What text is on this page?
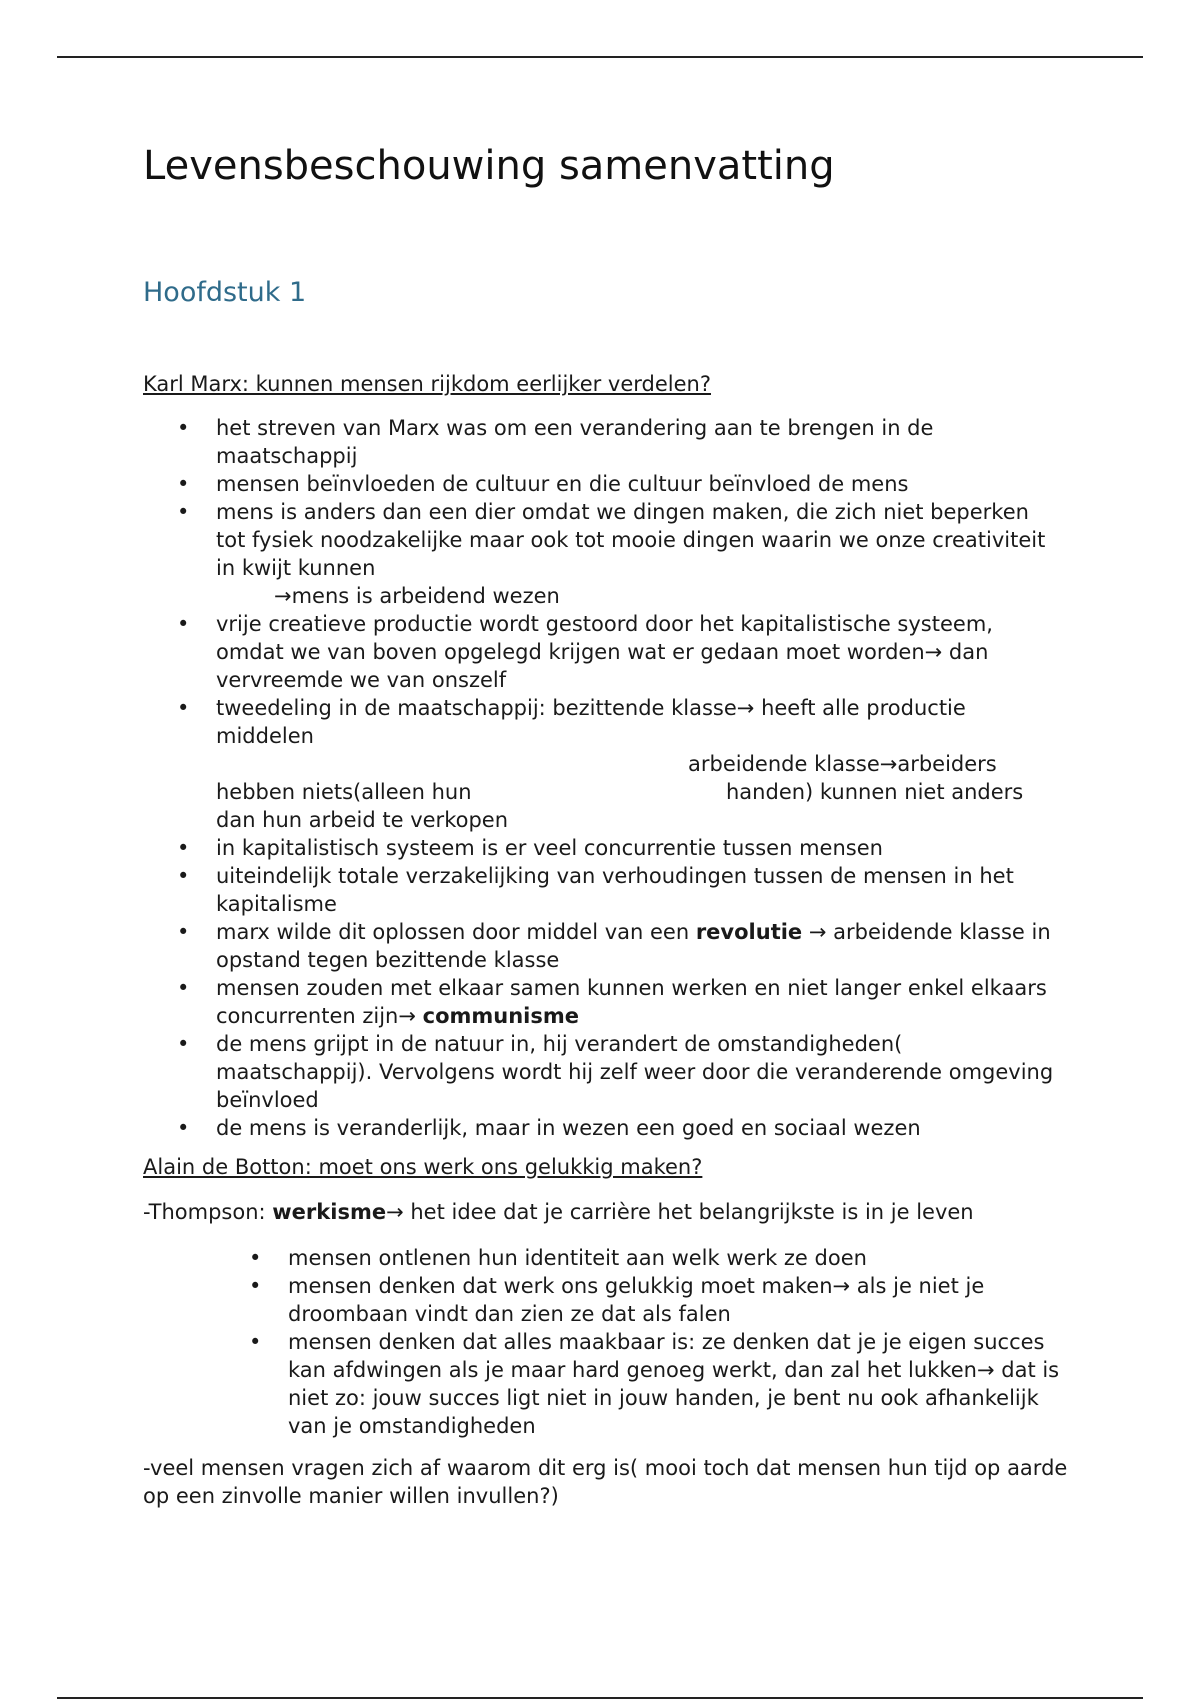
Levensbeschouwing samenvatting
Hoofdstuk 1

Karl Marx: kunnen mensen rijkdom eerlijker verdelen?

• het streven van Marx was om een verandering aan te brengen in de maatschappij
• mensen beïnvloeden de cultuur en die cultuur beïnvloed de mens
• mens is anders dan een dier omdat we dingen maken, die zich niet beperken tot fysiek noodzakelijke maar ook tot mooie dingen waarin we onze creativiteit in kwijt kunnen
→mens is arbeidend wezen
• vrije creatieve productie wordt gestoord door het kapitalistische systeem, omdat we van boven opgelegd krijgen wat er gedaan moet worden→ dan vervreemde we van onszelf
• tweedeling in de maatschappij: bezittende klasse→ heeft alle productie middelen
arbeidende klasse→arbeiders
hebben niets(alleen hun	handen) kunnen niet anders
dan hun arbeid te verkopen
• in kapitalistisch systeem is er veel concurrentie tussen mensen
• uiteindelijk totale verzakelijking van verhoudingen tussen de mensen in het kapitalisme
• marx wilde dit oplossen door middel van een revolutie → arbeidende klasse in opstand tegen bezittende klasse
• mensen zouden met elkaar samen kunnen werken en niet langer enkel elkaars concurrenten zijn→ communisme
• de mens grijpt in de natuur in, hij verandert de omstandigheden( maatschappij). Vervolgens wordt hij zelf weer door die veranderende omgeving beïnvloed
• de mens is veranderlijk, maar in wezen een goed en sociaal wezen

Alain de Botton: moet ons werk ons gelukkig maken?

-Thompson: werkisme→ het idee dat je carrière het belangrijkste is in je leven

• mensen ontlenen hun identiteit aan welk werk ze doen
• mensen denken dat werk ons gelukkig moet maken→ als je niet je droombaan vindt dan zien ze dat als falen
• mensen denken dat alles maakbaar is: ze denken dat je je eigen succes kan afdwingen als je maar hard genoeg werkt, dan zal het lukken→ dat is niet zo: jouw succes ligt niet in jouw handen, je bent nu ook afhankelijk van je omstandigheden

-veel mensen vragen zich af waarom dit erg is( mooi toch dat mensen hun tijd op aarde op een zinvolle manier willen invullen?)
